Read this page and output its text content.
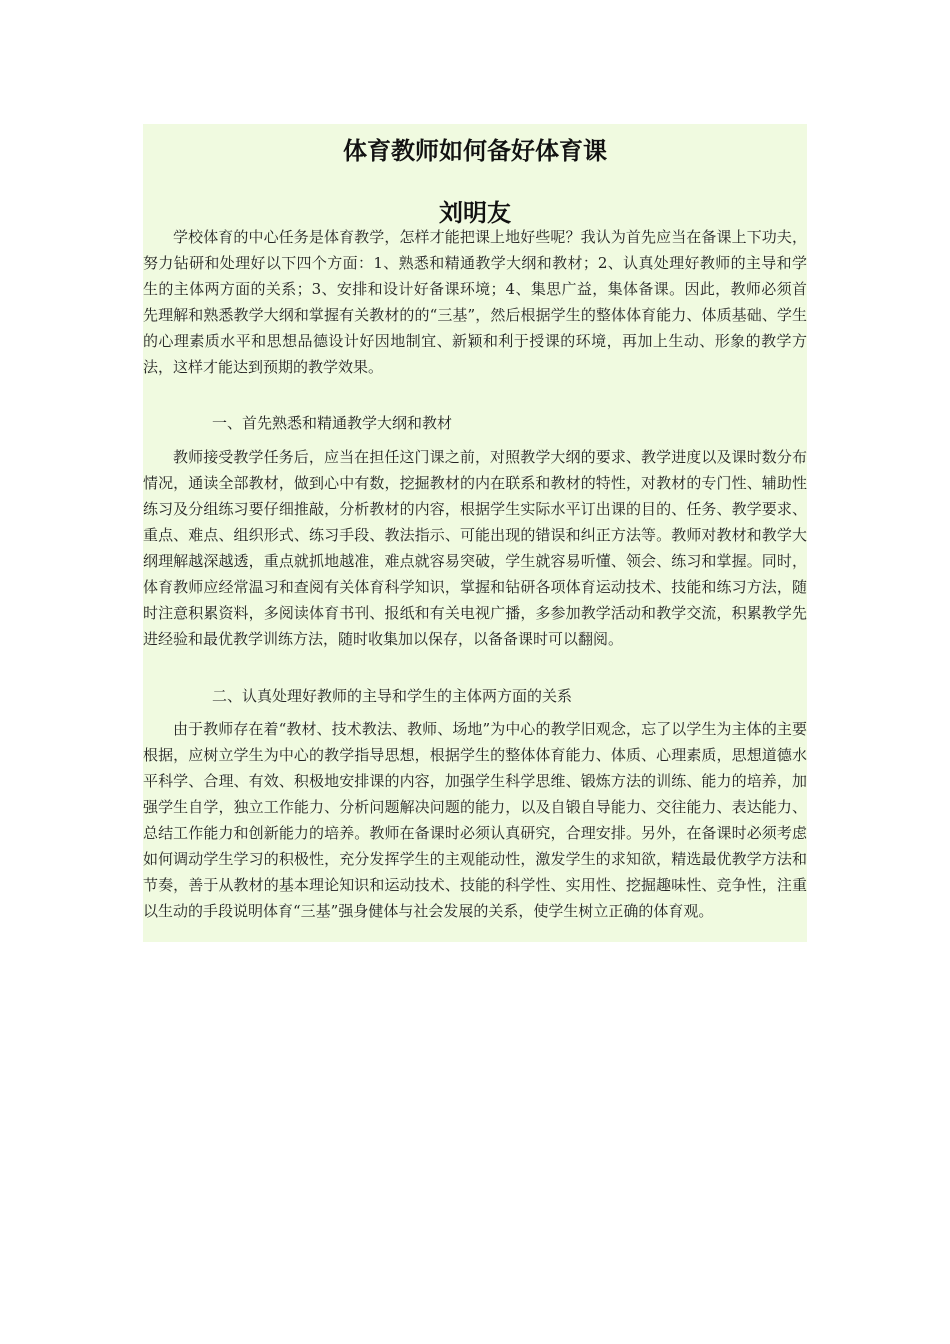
体育教师如何备好体育课
刘明友

学校体育的中心任务是体育教学，怎样才能把课上地好些呢？我认为首先应当在备课上下功夫，努力钻研和处理好以下四个方面：1、熟悉和精通教学大纲和教材；2、认真处理好教师的主导和学生的主体两方面的关系；3、安排和设计好备课环境；4、集思广益，集体备课。因此，教师必须首先理解和熟悉教学大纲和掌握有关教材的的“三基”，然后根据学生的整体体育能力、体质基础、学生的心理素质水平和思想品德设计好因地制宜、新颖和利于授课的环境，再加上生动、形象的教学方法，这样才能达到预期的教学效果。

一、首先熟悉和精通教学大纲和教材

教师接受教学任务后，应当在担任这门课之前，对照教学大纲的要求、教学进度以及课时数分布情况，通读全部教材，做到心中有数，挖掘教材的内在联系和教材的特性，对教材的专门性、辅助性练习及分组练习要仔细推敲，分析教材的内容，根据学生实际水平订出课的目的、任务、教学要求、重点、难点、组织形式、练习手段、教法指示、可能出现的错误和纠正方法等。教师对教材和教学大纲理解越深越透，重点就抓地越准，难点就容易突破，学生就容易听懂、领会、练习和掌握。同时，体育教师应经常温习和查阅有关体育科学知识，掌握和钻研各项体育运动技术、技能和练习方法，随时注意积累资料，多阅读体育书刊、报纸和有关电视广播，多参加教学活动和教学交流，积累教学先进经验和最优教学训练方法，随时收集加以保存，以备备课时可以翻阅。

二、认真处理好教师的主导和学生的主体两方面的关系

由于教师存在着“教材、技术教法、教师、场地”为中心的教学旧观念，忘了以学生为主体的主要根据，应树立学生为中心的教学指导思想，根据学生的整体体育能力、体质、心理素质，思想道德水平科学、合理、有效、积极地安排课的内容，加强学生科学思维、锻炼方法的训练、能力的培养，加强学生自学，独立工作能力、分析问题解决问题的能力，以及自锻自导能力、交往能力、表达能力、总结工作能力和创新能力的培养。教师在备课时必须认真研究，合理安排。另外，在备课时必须考虑如何调动学生学习的积极性，充分发挥学生的主观能动性，激发学生的求知欲，精选最优教学方法和节奏，善于从教材的基本理论知识和运动技术、技能的科学性、实用性、挖掘趣味性、竞争性，注重以生动的手段说明体育“三基”强身健体与社会发展的关系，使学生树立正确的体育观。
